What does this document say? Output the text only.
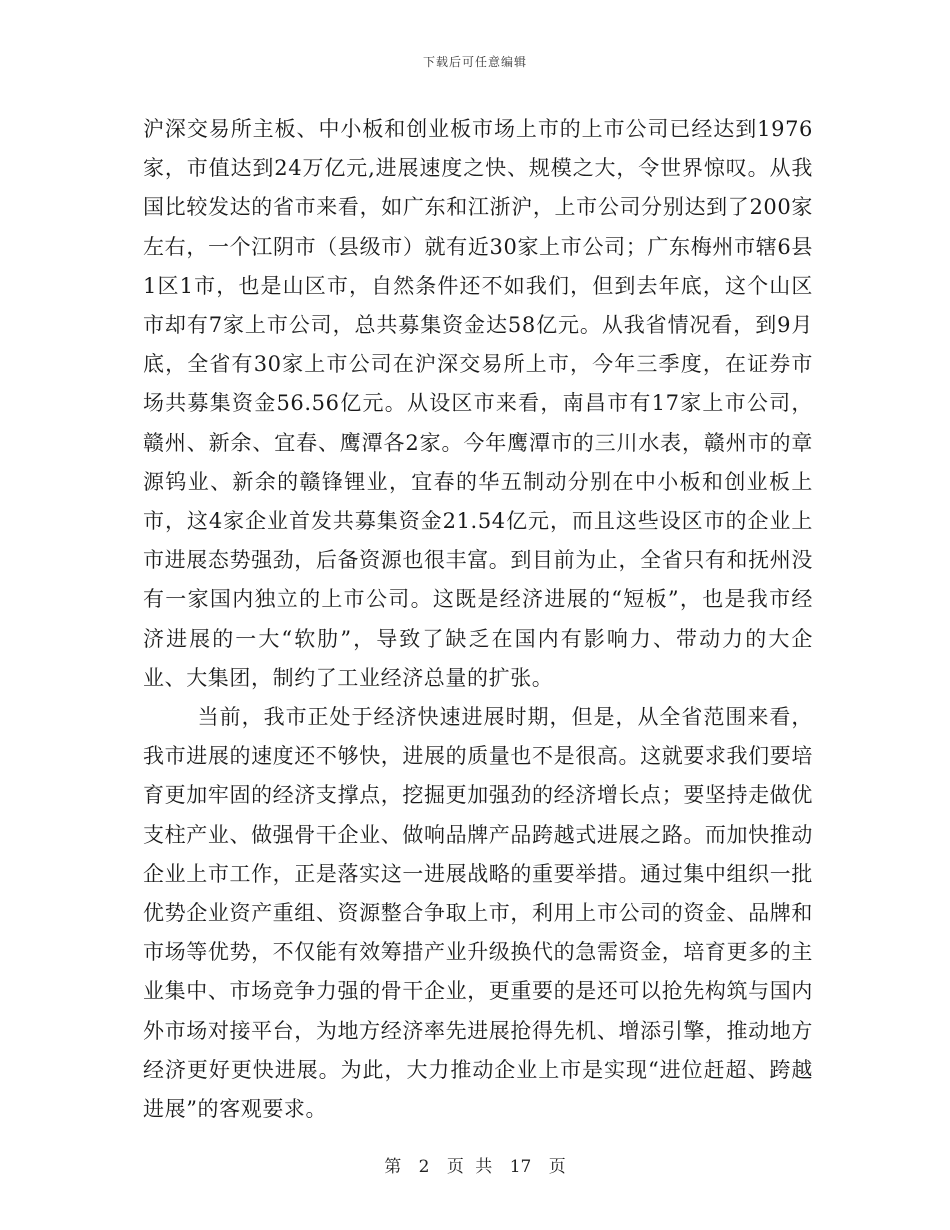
下载后可任意编辑

沪深交易所主板、中小板和创业板市场上市的上市公司已经达到1976家，市值达到24万亿元,进展速度之快、规模之大，令世界惊叹。从我国比较发达的省市来看，如广东和江浙沪，上市公司分别达到了200家左右，一个江阴市（县级市）就有近30家上市公司；广东梅州市辖6县1区1市，也是山区市，自然条件还不如我们，但到去年底，这个山区市却有7家上市公司，总共募集资金达58亿元。从我省情况看，到9月底，全省有30家上市公司在沪深交易所上市，今年三季度，在证券市场共募集资金56.56亿元。从设区市来看，南昌市有17家上市公司，赣州、新余、宜春、鹰潭各2家。今年鹰潭市的三川水表，赣州市的章源钨业、新余的赣锋锂业，宜春的华五制动分别在中小板和创业板上市，这4家企业首发共募集资金21.54亿元，而且这些设区市的企业上市进展态势强劲，后备资源也很丰富。到目前为止，全省只有和抚州没有一家国内独立的上市公司。这既是经济进展的“短板”，也是我市经济进展的一大“软肋”，导致了缺乏在国内有影响力、带动力的大企业、大集团，制约了工业经济总量的扩张。

当前，我市正处于经济快速进展时期，但是，从全省范围来看，我市进展的速度还不够快，进展的质量也不是很高。这就要求我们要培育更加牢固的经济支撑点，挖掘更加强劲的经济增长点；要坚持走做优支柱产业、做强骨干企业、做响品牌产品跨越式进展之路。而加快推动企业上市工作，正是落实这一进展战略的重要举措。通过集中组织一批优势企业资产重组、资源整合争取上市，利用上市公司的资金、品牌和市场等优势，不仅能有效筹措产业升级换代的急需资金，培育更多的主业集中、市场竞争力强的骨干企业，更重要的是还可以抢先构筑与国内外市场对接平台，为地方经济率先进展抢得先机、增添引擎，推动地方经济更好更快进展。为此，大力推动企业上市是实现“进位赶超、跨越进展”的客观要求。

第 2 页 共 17 页
